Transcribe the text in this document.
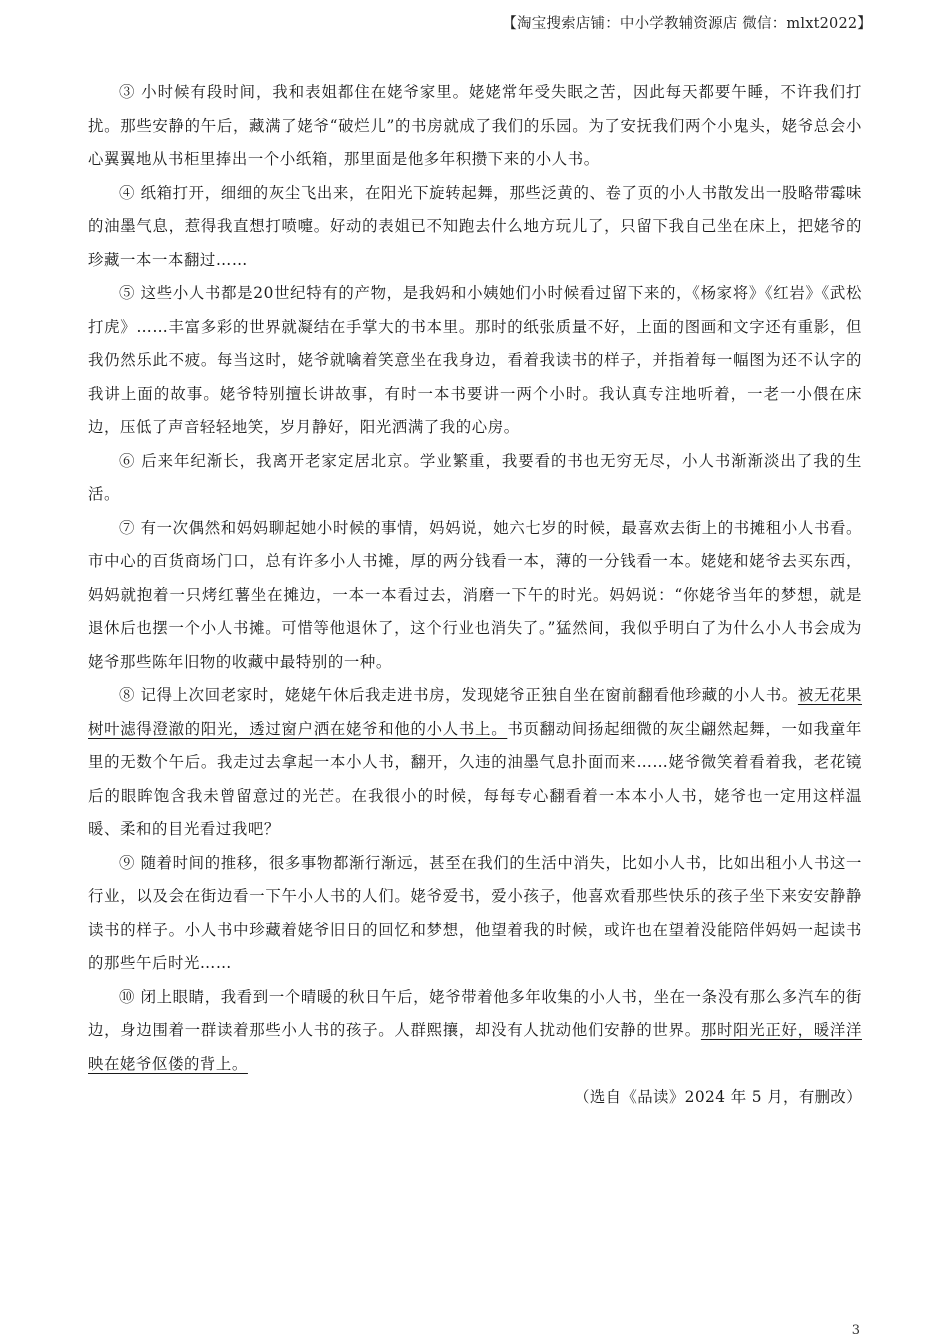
【淘宝搜索店铺：中小学教辅资源店 微信：mlxt2022】

③ 小时候有段时间，我和表姐都住在姥爷家里。姥姥常年受失眠之苦，因此每天都要午睡，不许我们打扰。那些安静的午后，藏满了姥爷“破烂儿”的书房就成了我们的乐园。为了安抚我们两个小鬼头，姥爷总会小心翼翼地从书柜里捧出一个小纸箱，那里面是他多年积攒下来的小人书。

④ 纸箱打开，细细的灰尘飞出来，在阳光下旋转起舞，那些泛黄的、卷了页的小人书散发出一股略带霉味的油墨气息，惹得我直想打喷嚏。好动的表姐已不知跑去什么地方玩儿了，只留下我自己坐在床上，把姥爷的珍藏一本一本翻过……

⑤ 这些小人书都是20世纪特有的产物，是我妈和小姨她们小时候看过留下来的，《杨家将》《红岩》《武松打虎》……丰富多彩的世界就凝结在手掌大的书本里。那时的纸张质量不好，上面的图画和文字还有重影，但我仍然乐此不疲。每当这时，姥爷就噙着笑意坐在我身边，看着我读书的样子，并指着每一幅图为还不认字的我讲上面的故事。姥爷特别擅长讲故事，有时一本书要讲一两个小时。我认真专注地听着，一老一小偎在床边，压低了声音轻轻地笑，岁月静好，阳光洒满了我的心房。

⑥ 后来年纪渐长，我离开老家定居北京。学业繁重，我要看的书也无穷无尽，小人书渐渐淡出了我的生活。

⑦ 有一次偶然和妈妈聊起她小时候的事情，妈妈说，她六七岁的时候，最喜欢去街上的书摊租小人书看。市中心的百货商场门口，总有许多小人书摊，厚的两分钱看一本，薄的一分钱看一本。姥姥和姥爷去买东西，妈妈就抱着一只烤红薯坐在摊边，一本一本看过去，消磨一下午的时光。妈妈说：“你姥爷当年的梦想，就是退休后也摆一个小人书摊。可惜等他退休了，这个行业也消失了。”猛然间，我似乎明白了为什么小人书会成为姥爷那些陈年旧物的收藏中最特别的一种。

⑧ 记得上次回老家时，姥姥午休后我走进书房，发现姥爷正独自坐在窗前翻看他珍藏的小人书。被无花果树叶滤得澄澈的阳光，透过窗户洒在姥爷和他的小人书上。书页翻动间扬起细微的灰尘翩然起舞，一如我童年里的无数个午后。我走过去拿起一本小人书，翻开，久违的油墨气息扑面而来……姥爷微笑着看着我，老花镜后的眼眸饱含我未曾留意过的光芒。在我很小的时候，每每专心翻看着一本本小人书，姥爷也一定用这样温暖、柔和的目光看过我吧？

⑨ 随着时间的推移，很多事物都渐行渐远，甚至在我们的生活中消失，比如小人书，比如出租小人书这一行业，以及会在街边看一下午小人书的人们。姥爷爱书，爱小孩子，他喜欢看那些快乐的孩子坐下来安安静静读书的样子。小人书中珍藏着姥爷旧日的回忆和梦想，他望着我的时候，或许也在望着没能陪伴妈妈一起读书的那些午后时光……

⑩ 闭上眼睛，我看到一个晴暖的秋日午后，姥爷带着他多年收集的小人书，坐在一条没有那么多汽车的街边，身边围着一群读着那些小人书的孩子。人群熙攘，却没有人扰动他们安静的世界。那时阳光正好，暖洋洋映在姥爷伛偻的背上。

（选自《品读》2024 年 5 月，有删改）

3
